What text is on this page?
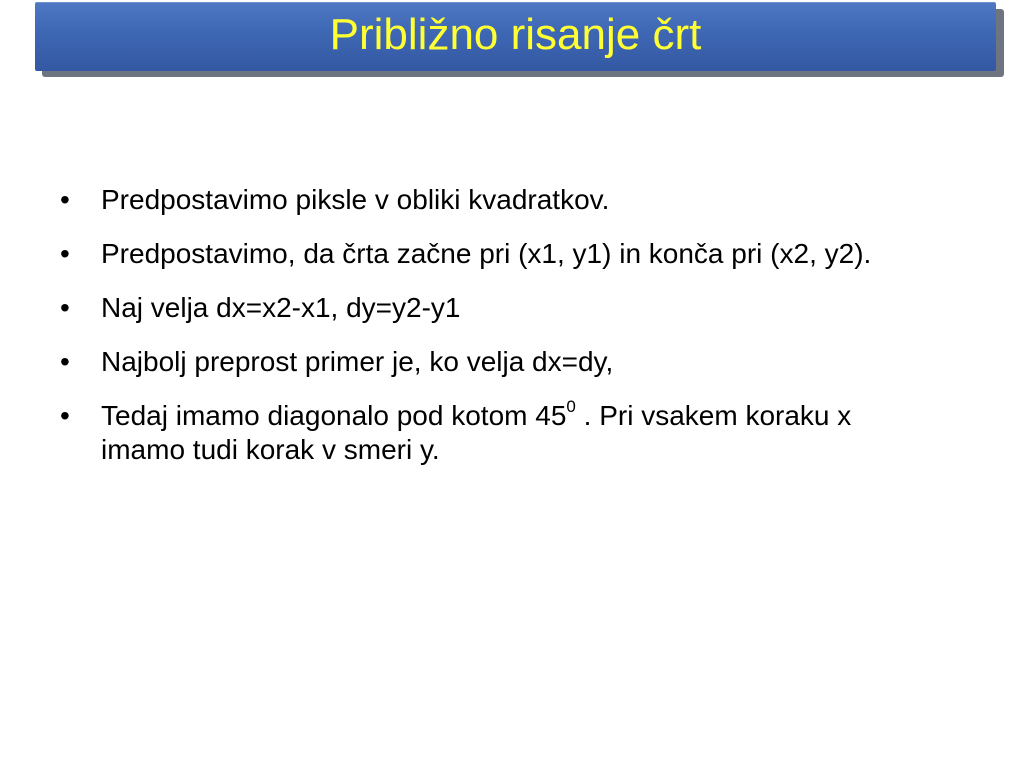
Približno risanje črt
•	Predpostavimo piksle v obliki kvadratkov.
•	Predpostavimo, da črta začne pri (x1, y1) in konča pri (x2, y2).
•	Naj velja dx=x2-x1, dy=y2-y1
•	Najbolj preprost primer je, ko velja dx=dy,
•	Tedaj imamo diagonalo pod kotom $45^0$ . Pri vsakem koraku x imamo tudi korak v smeri y.
